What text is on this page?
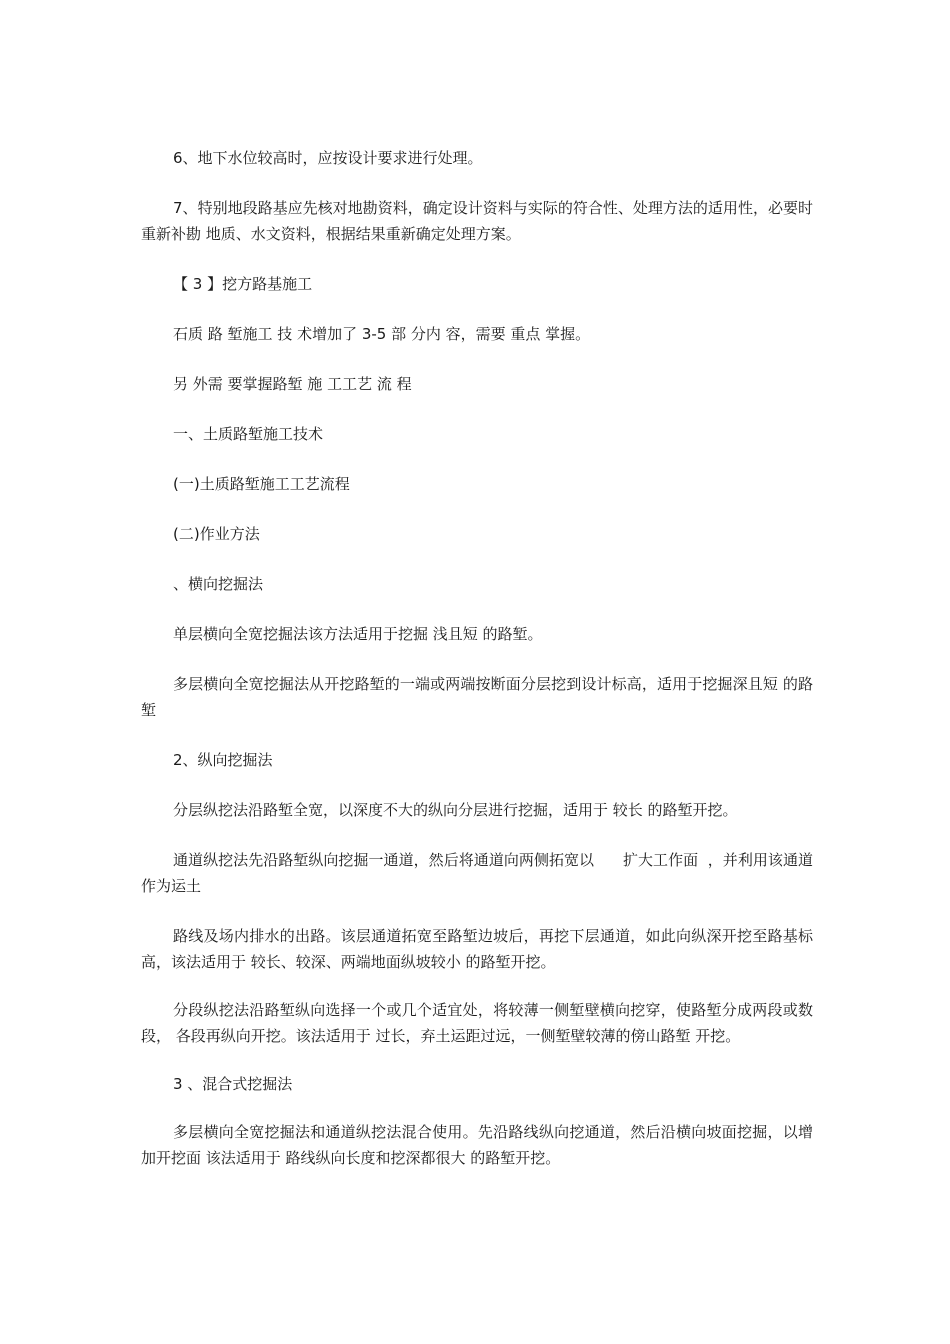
6、地下水位较高时，应按设计要求进行处理。

7、特别地段路基应先核对地勘资料，确定设计资料与实际的符合性、处理方法的适用性，必要时重新补勘 地质、水文资料，根据结果重新确定处理方案。

【 3 】挖方路基施工

石质 路 堑施工 技 术增加了 3-5 部 分内 容，需要 重点 掌握。

另 外需 要掌握路堑 施 工工艺 流 程

一、土质路堑施工技术

(一)土质路堑施工工艺流程

(二)作业方法

、横向挖掘法

单层横向全宽挖掘法该方法适用于挖掘 浅且短 的路堑。

多层横向全宽挖掘法从开挖路堑的一端或两端按断面分层挖到设计标高，适用于挖掘深且短 的路堑

2、纵向挖掘法

分层纵挖法沿路堑全宽，以深度不大的纵向分层进行挖掘，适用于 较长 的路堑开挖。

通道纵挖法先沿路堑纵向挖掘一通道，然后将通道向两侧拓宽以      扩大工作面  ，并利用该通道作为运土

路线及场内排水的出路。该层通道拓宽至路堑边坡后，再挖下层通道，如此向纵深开挖至路基标高，该法适用于 较长、较深、两端地面纵坡较小 的路堑开挖。

分段纵挖法沿路堑纵向选择一个或几个适宜处，将较薄一侧堑壁横向挖穿，使路堑分成两段或数段， 各段再纵向开挖。该法适用于 过长，弃土运距过远，一侧堑壁较薄的傍山路堑 开挖。

3 、混合式挖掘法

多层横向全宽挖掘法和通道纵挖法混合使用。先沿路线纵向挖通道，然后沿横向坡面挖掘，以增加开挖面 该法适用于 路线纵向长度和挖深都很大 的路堑开挖。
